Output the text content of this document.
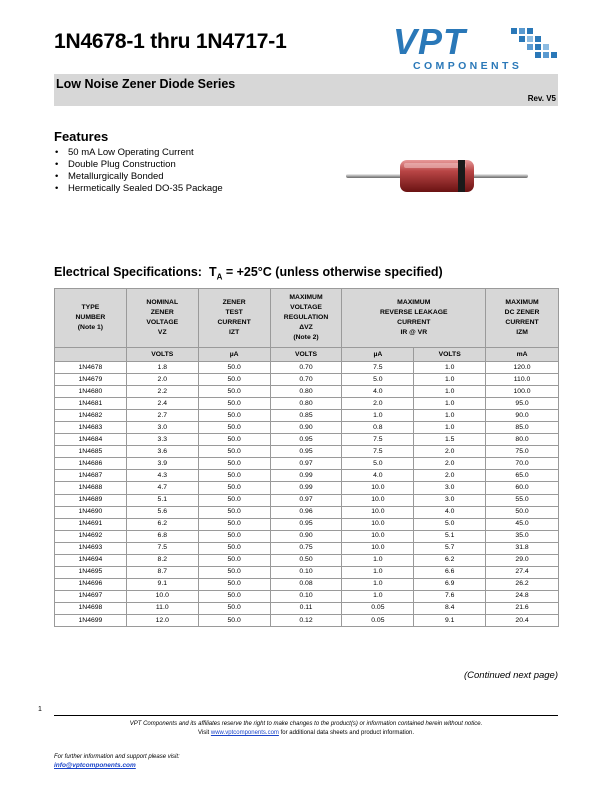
1N4678-1 thru 1N4717-1	VPT
COMPONENTS
Low Noise Zener Diode Series
Rev. V5
Features
• 50 mA Low Operating Current
• Double Plug Construction
• Metallurgically Bonded
• Hermetically Sealed DO-35 Package
Electrical Specifications: $T_A = +25^\circ C$ (unless otherwise specified)
TYPE
NUMBER
(Note 1)	NOMINAL
ZENER
VOLTAGE
VZ	ZENER
TEST
CURRENT
IZT	MAXIMUM
VOLTAGE
REGULATION
ΔVZ
(Note 2)	MAXIMUM
REVERSE LEAKAGE
CURRENT
IR @ VR		MAXIMUM
DC ZENER
CURRENT
IZM
	VOLTS	µA	VOLTS	µA	VOLTS	mA
1N4678	1.8	50.0	0.70	7.5	1.0	120.0
1N4679	2.0	50.0	0.70	5.0	1.0	110.0
1N4680	2.2	50.0	0.80	4.0	1.0	100.0
1N4681	2.4	50.0	0.80	2.0	1.0	95.0
1N4682	2.7	50.0	0.85	1.0	1.0	90.0
1N4683	3.0	50.0	0.90	0.8	1.0	85.0
1N4684	3.3	50.0	0.95	7.5	1.5	80.0
1N4685	3.6	50.0	0.95	7.5	2.0	75.0
1N4686	3.9	50.0	0.97	5.0	2.0	70.0
1N4687	4.3	50.0	0.99	4.0	2.0	65.0
1N4688	4.7	50.0	0.99	10.0	3.0	60.0
1N4689	5.1	50.0	0.97	10.0	3.0	55.0
1N4690	5.6	50.0	0.96	10.0	4.0	50.0
1N4691	6.2	50.0	0.95	10.0	5.0	45.0
1N4692	6.8	50.0	0.90	10.0	5.1	35.0
1N4693	7.5	50.0	0.75	10.0	5.7	31.8
1N4694	8.2	50.0	0.50	1.0	6.2	29.0
1N4695	8.7	50.0	0.10	1.0	6.6	27.4
1N4696	9.1	50.0	0.08	1.0	6.9	26.2
1N4697	10.0	50.0	0.10	1.0	7.6	24.8
1N4698	11.0	50.0	0.11	0.05	8.4	21.6
1N4699	12.0	50.0	0.12	0.05	9.1	20.4
(Continued next page)
1
VPT Components and its affiliates reserve the right to make changes to the product(s) or information contained herein without notice.
Visit www.vptcomponents.com for additional data sheets and product information.
For further information and support please visit:
info@vptcomponents.com
